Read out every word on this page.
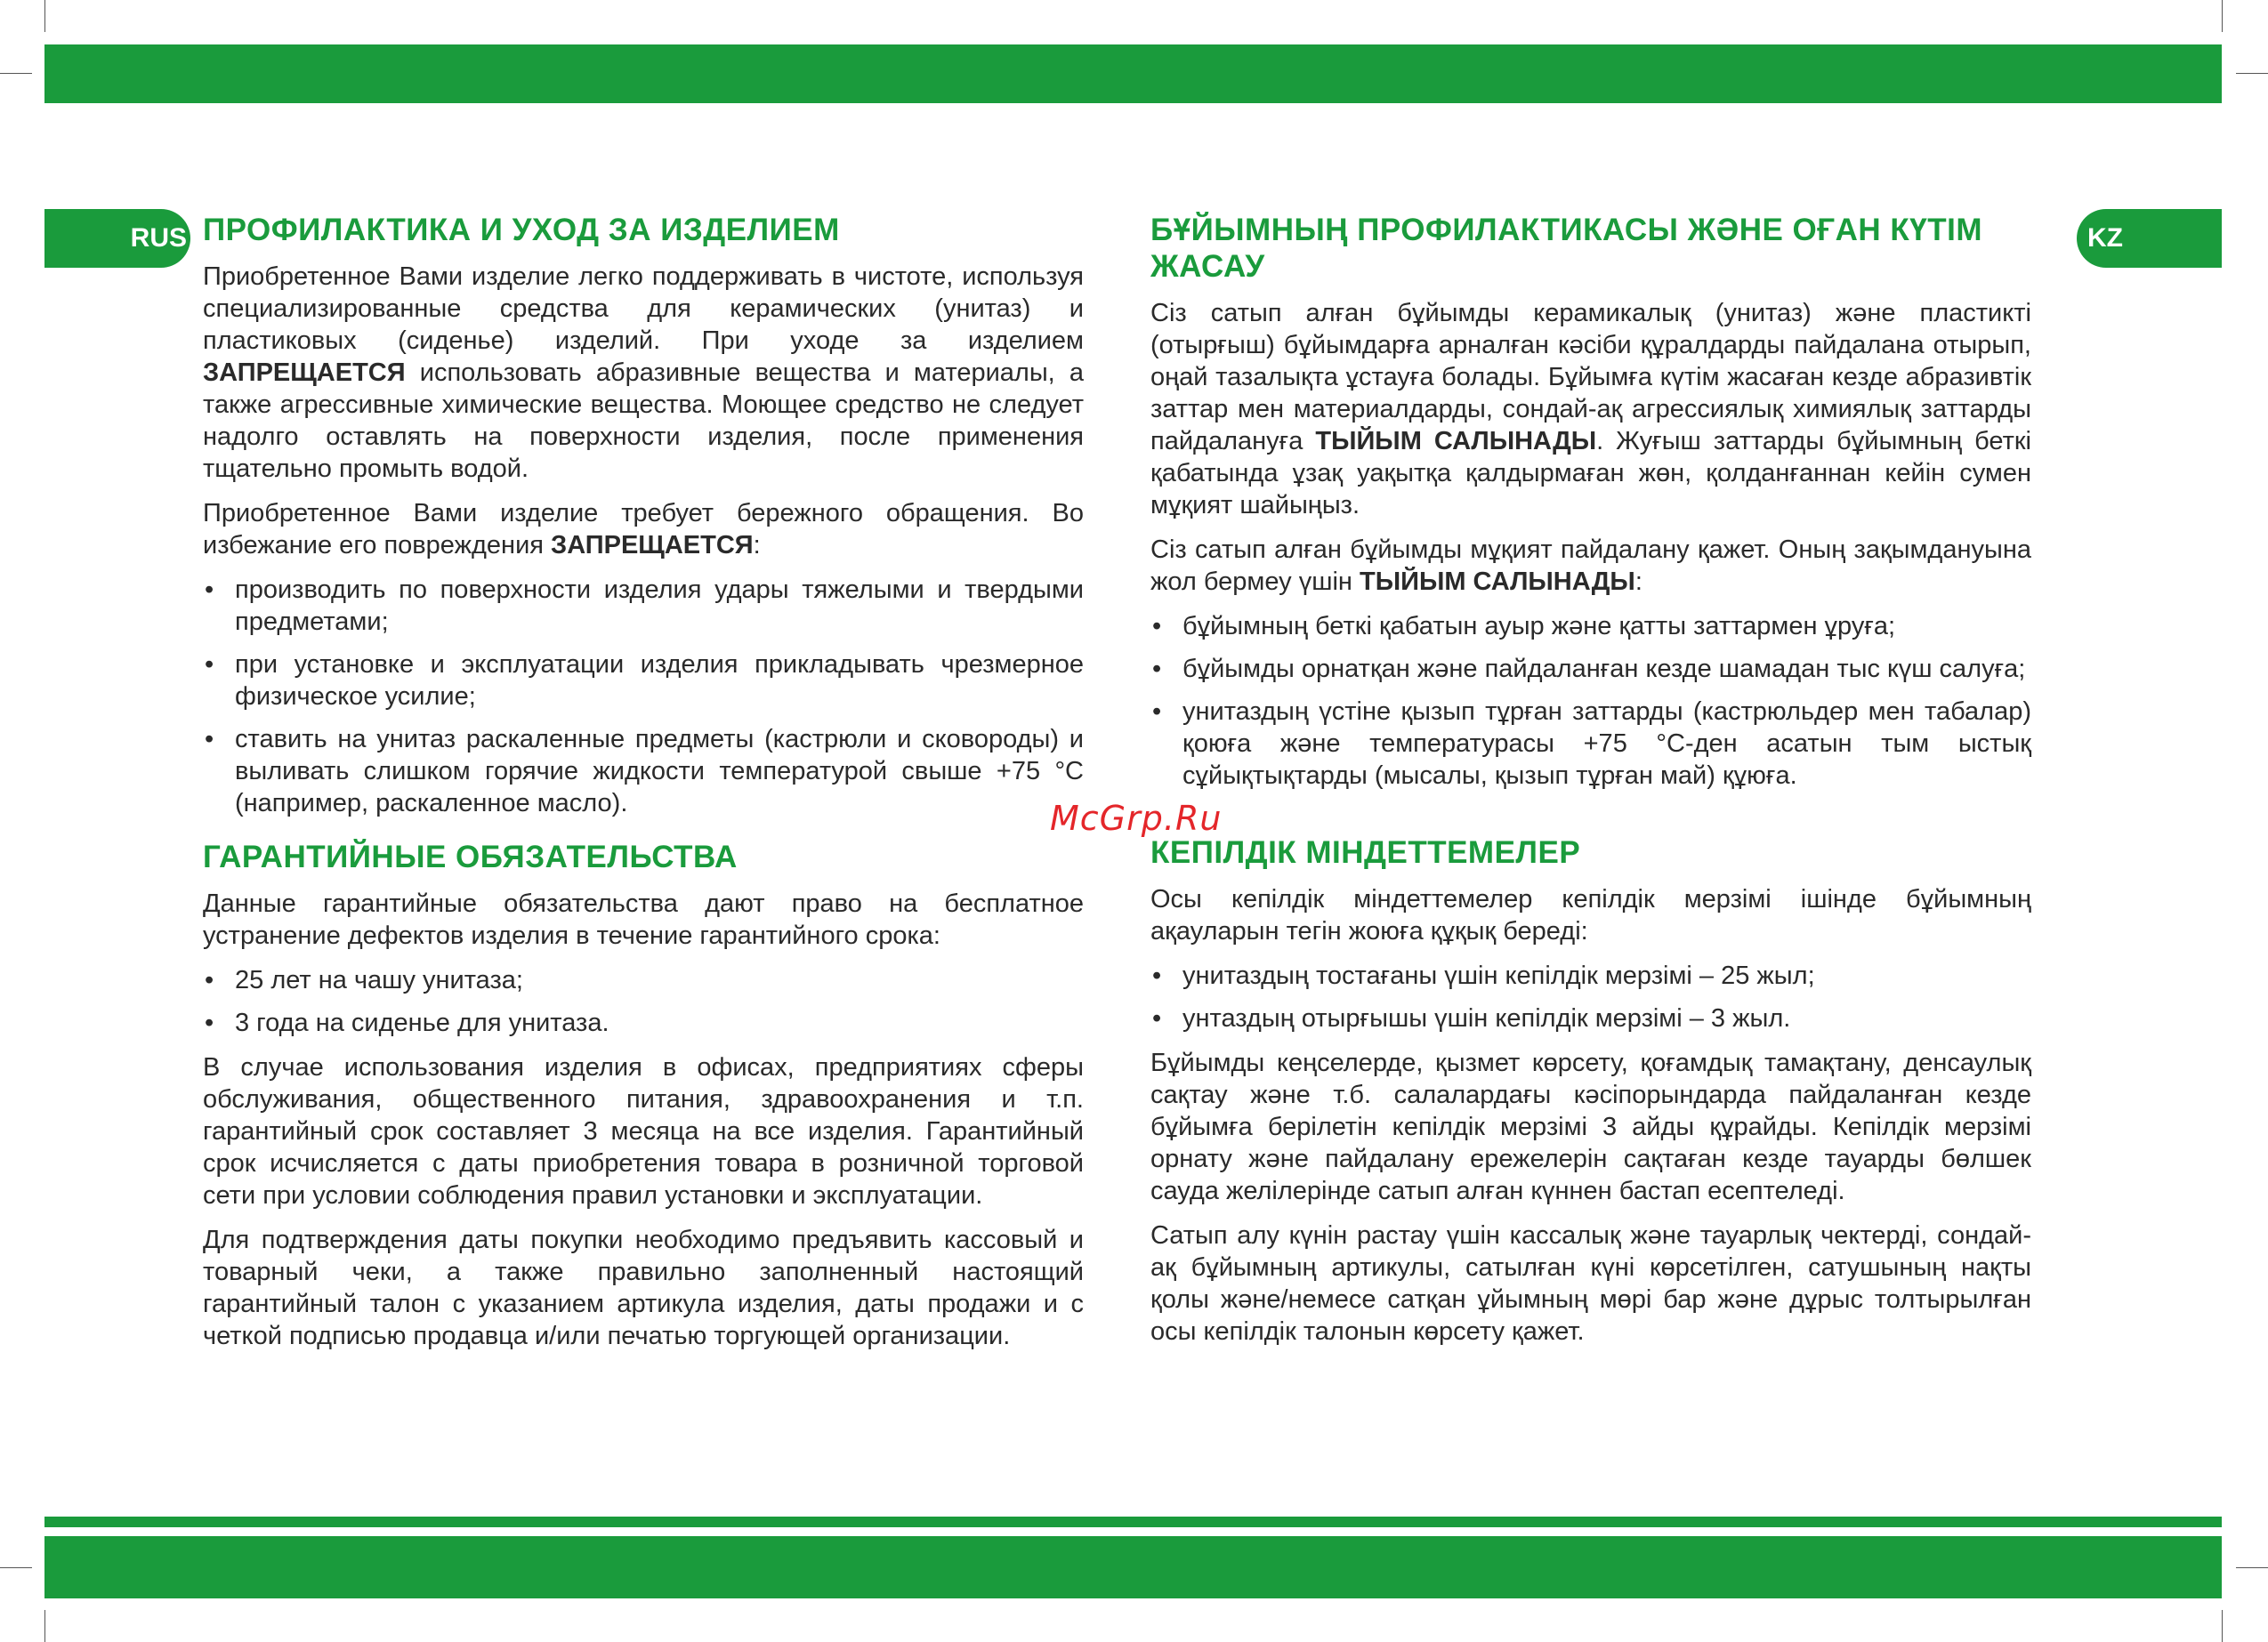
RUS	KZ
ПРОФИЛАКТИКА И УХОД ЗА ИЗДЕЛИЕМ

Приобретенное Вами изделие легко поддерживать в чистоте, используя специализированные средства для керамических (унитаз) и пластиковых (сиденье) изделий. При уходе за изделием ЗАПРЕЩАЕТСЯ использовать абразивные вещества и материалы, а также агрессивные химические вещества. Моющее средство не следует надолго оставлять на поверхности изделия, после применения тщательно промыть водой.

Приобретенное Вами изделие требует бережного обращения. Во избежание его повреждения ЗАПРЕЩАЕТСЯ:

• производить по поверхности изделия удары тяжелыми и твердыми предметами;
• при установке и эксплуатации изделия прикладывать чрезмерное физическое усилие;
• ставить на унитаз раскаленные предметы (кастрюли и сковороды) и выливать слишком горячие жидкости температурой свыше +75 °С (например, раскаленное масло).
ГАРАНТИЙНЫЕ ОБЯЗАТЕЛЬСТВА

Данные гарантийные обязательства дают право на бесплатное устранение дефектов изделия в течение гарантийного срока:

• 25 лет на чашу унитаза;
• 3 года на сиденье для унитаза.

В случае использования изделия в офисах, предприятиях сферы обслуживания, общественного питания, здравоохранения и т.п. гарантийный срок составляет 3 месяца на все изделия. Гарантийный срок исчисляется с даты приобретения товара в розничной торговой сети при условии соблюдения правил установки и эксплуатации.

Для подтверждения даты покупки необходимо предъявить кассовый и товарный чеки, а также правильно заполненный настоящий гарантийный талон с указанием артикула изделия, даты продажи и с четкой подписью продавца и/или печатью торгующей организации.

БҰЙЫМНЫҢ ПРОФИЛАКТИКАСЫ ЖӘНЕ ОҒАН КҮТІМ ЖАСАУ

Сіз сатып алған бұйымды керамикалық (унитаз) және пластикті (отырғыш) бұйымдарға арналған кәсіби құралдарды пайдалана отырып, оңай тазалықта ұстауға болады. Бұйымға күтім жасаған кезде абразивтік заттар мен материалдарды, сондай-ақ агрессиялық химиялық заттарды пайдалануға ТЫЙЫМ САЛЫНАДЫ. Жуғыш заттарды бұйымның беткі қабатында ұзақ уақытқа қалдырмаған жөн, қолданғаннан кейін сумен мұқият шайыңыз.

Сіз сатып алған бұйымды мұқият пайдалану қажет. Оның зақымдануына жол бермеу үшін ТЫЙЫМ САЛЫНАДЫ:

• бұйымның беткі қабатын ауыр және қатты заттармен ұруға;
• бұйымды орнатқан және пайдаланған кезде шамадан тыс күш салуға;
• унитаздың үстіне қызып тұрған заттарды (кастрюльдер мен табалар) қоюға және температурасы +75 °С-ден асатын тым ыстық сұйықтықтарды (мысалы, қызып тұрған май) құюға.
КЕПІЛДІК МІНДЕТТЕМЕЛЕР

Осы кепілдік міндеттемелер кепілдік мерзімі ішінде бұйымның ақауларын тегін жоюға құқық береді:

• унитаздың тостағаны үшін кепілдік мерзімі – 25 жыл;
• унтаздың отырғышы үшін кепілдік мерзімі – 3 жыл.

Бұйымды кеңселерде, қызмет көрсету, қоғамдық тамақтану, денсаулық сақтау және т.б. салалардағы кәсіпорындарда пайдаланған кезде бұйымға берілетін кепілдік мерзімі 3 айды құрайды. Кепілдік мерзімі орнату және пайдалану ережелерін сақтаған кезде тауарды бөлшек сауда желілерінде сатып алған күннен бастап есептеледі.

Сатып алу күнін растау үшін кассалық және тауарлық чектерді, сондай-ақ бұйымның артикулы, сатылған күні көрсетілген, сатушының нақты қолы және/немесе сатқан ұйымның мөрі бар және дұрыс толтырылған осы кепілдік талонын көрсету қажет.

McGrp.Ru
